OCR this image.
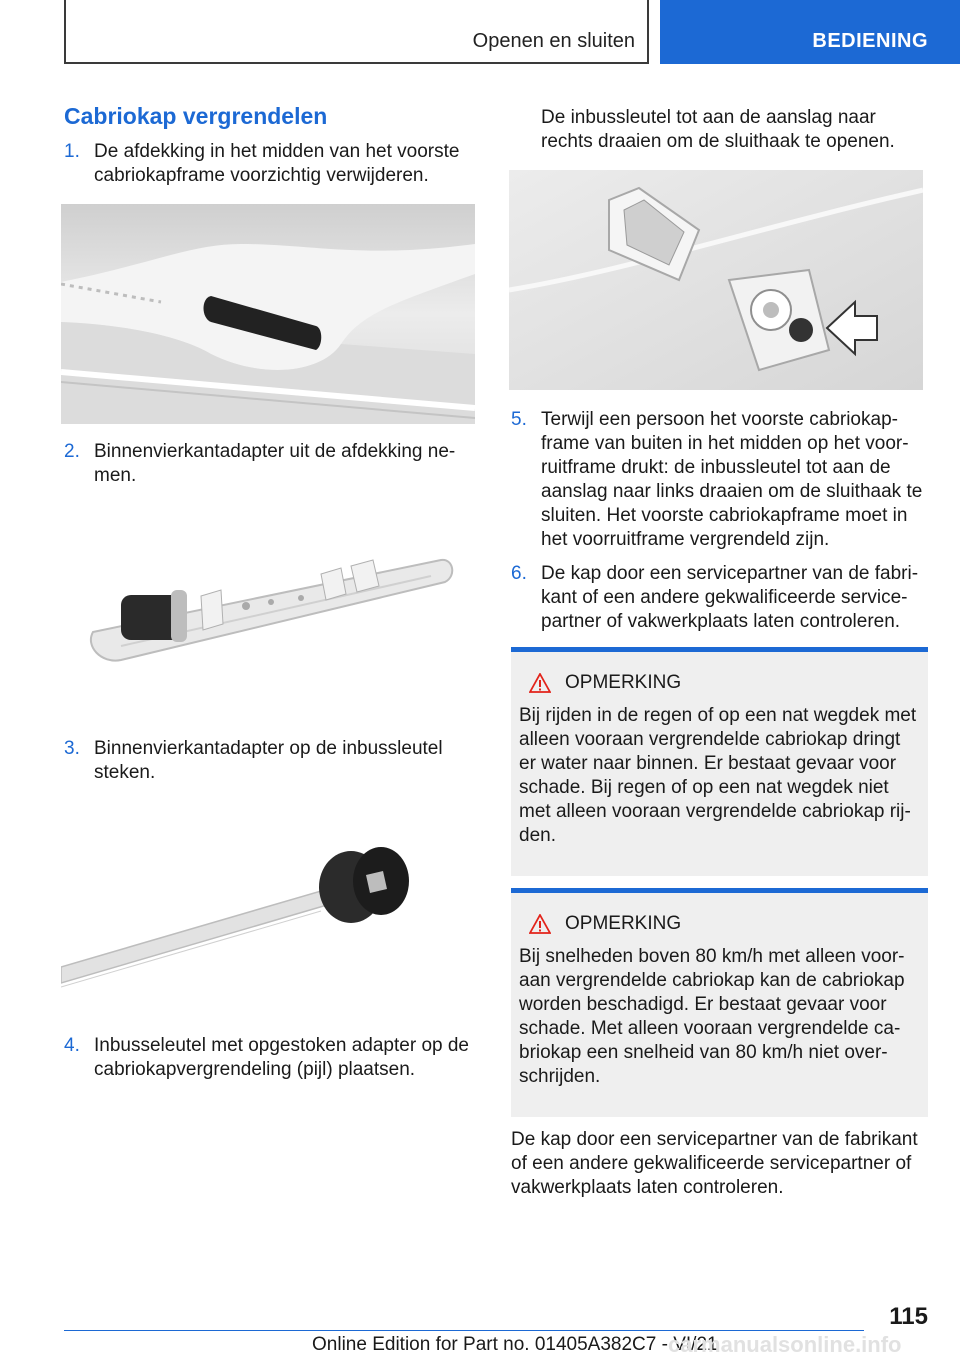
Openen en sluiten	BEDIENING
Cabriokap vergrendelen
1. De afdekking in het midden van het voorste cabriokapframe voorzichtig verwijderen.
2. Binnenvierkantadapter uit de afdekking ne-men.
3. Binnenvierkantadapter op de inbussleutel steken.
4. Inbusseleutel met opgestoken adapter op de cabriokapvergrendeling (pijl) plaatsen.
De inbussleutel tot aan de aanslag naar rechts draaien om de sluithaak te openen.
5. Terwijl een persoon het voorste cabriokap-frame van buiten in het midden op het voor-ruitframe drukt: de inbussleutel tot aan de aanslag naar links draaien om de sluithaak te sluiten. Het voorste cabriokapframe moet in het voorruitframe vergrendeld zijn.
6. De kap door een servicepartner van de fabri-kant of een andere gekwalificeerde service-partner of vakwerkplaats laten controleren.
OPMERKING
Bij rijden in de regen of op een nat wegdek met alleen vooraan vergrendelde cabriokap dringt er water naar binnen. Er bestaat gevaar voor schade. Bij regen of op een nat wegdek niet met alleen vooraan vergrendelde cabriokap rij-den.
OPMERKING
Bij snelheden boven 80 km/h met alleen voor-aan vergrendelde cabriokap kan de cabriokap worden beschadigd. Er bestaat gevaar voor schade. Met alleen vooraan vergrendelde ca-briokap een snelheid van 80 km/h niet over-schrijden.
De kap door een servicepartner van de fabrikant of een andere gekwalificeerde servicepartner of vakwerkplaats laten controleren.
115
Online Edition for Part no. 01405A382C7 - VI/21
carmanualsonline.info
